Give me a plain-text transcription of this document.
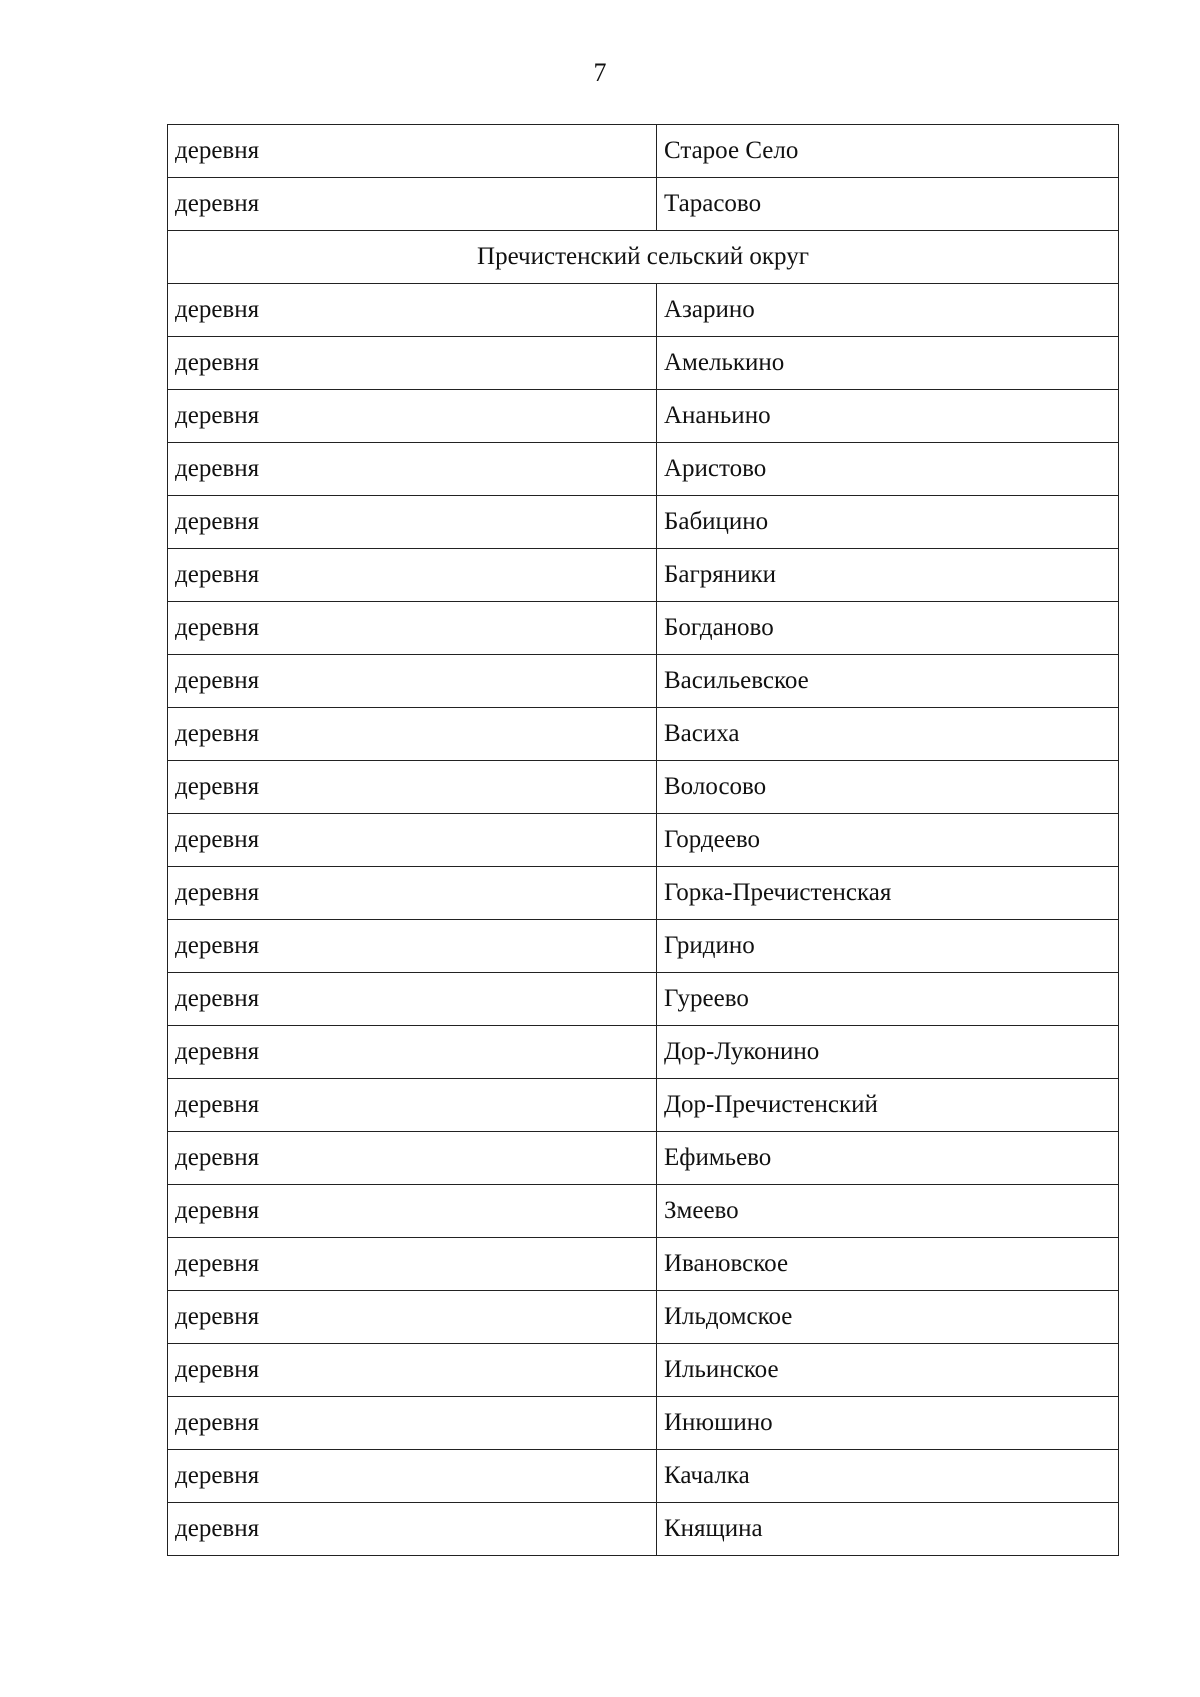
7
деревня	Старое Село
деревня	Тарасово
Пречистенский сельский округ	
деревня	Азарино
деревня	Амелькино
деревня	Ананьино
деревня	Аристово
деревня	Бабицино
деревня	Багряники
деревня	Богданово
деревня	Васильевское
деревня	Васиха
деревня	Волосово
деревня	Гордеево
деревня	Горка-Пречистенская
деревня	Гридино
деревня	Гуреево
деревня	Дор-Луконино
деревня	Дор-Пречистенский
деревня	Ефимьево
деревня	Змеево
деревня	Ивановское
деревня	Ильдомское
деревня	Ильинское
деревня	Инюшино
деревня	Качалка
деревня	Княщина
